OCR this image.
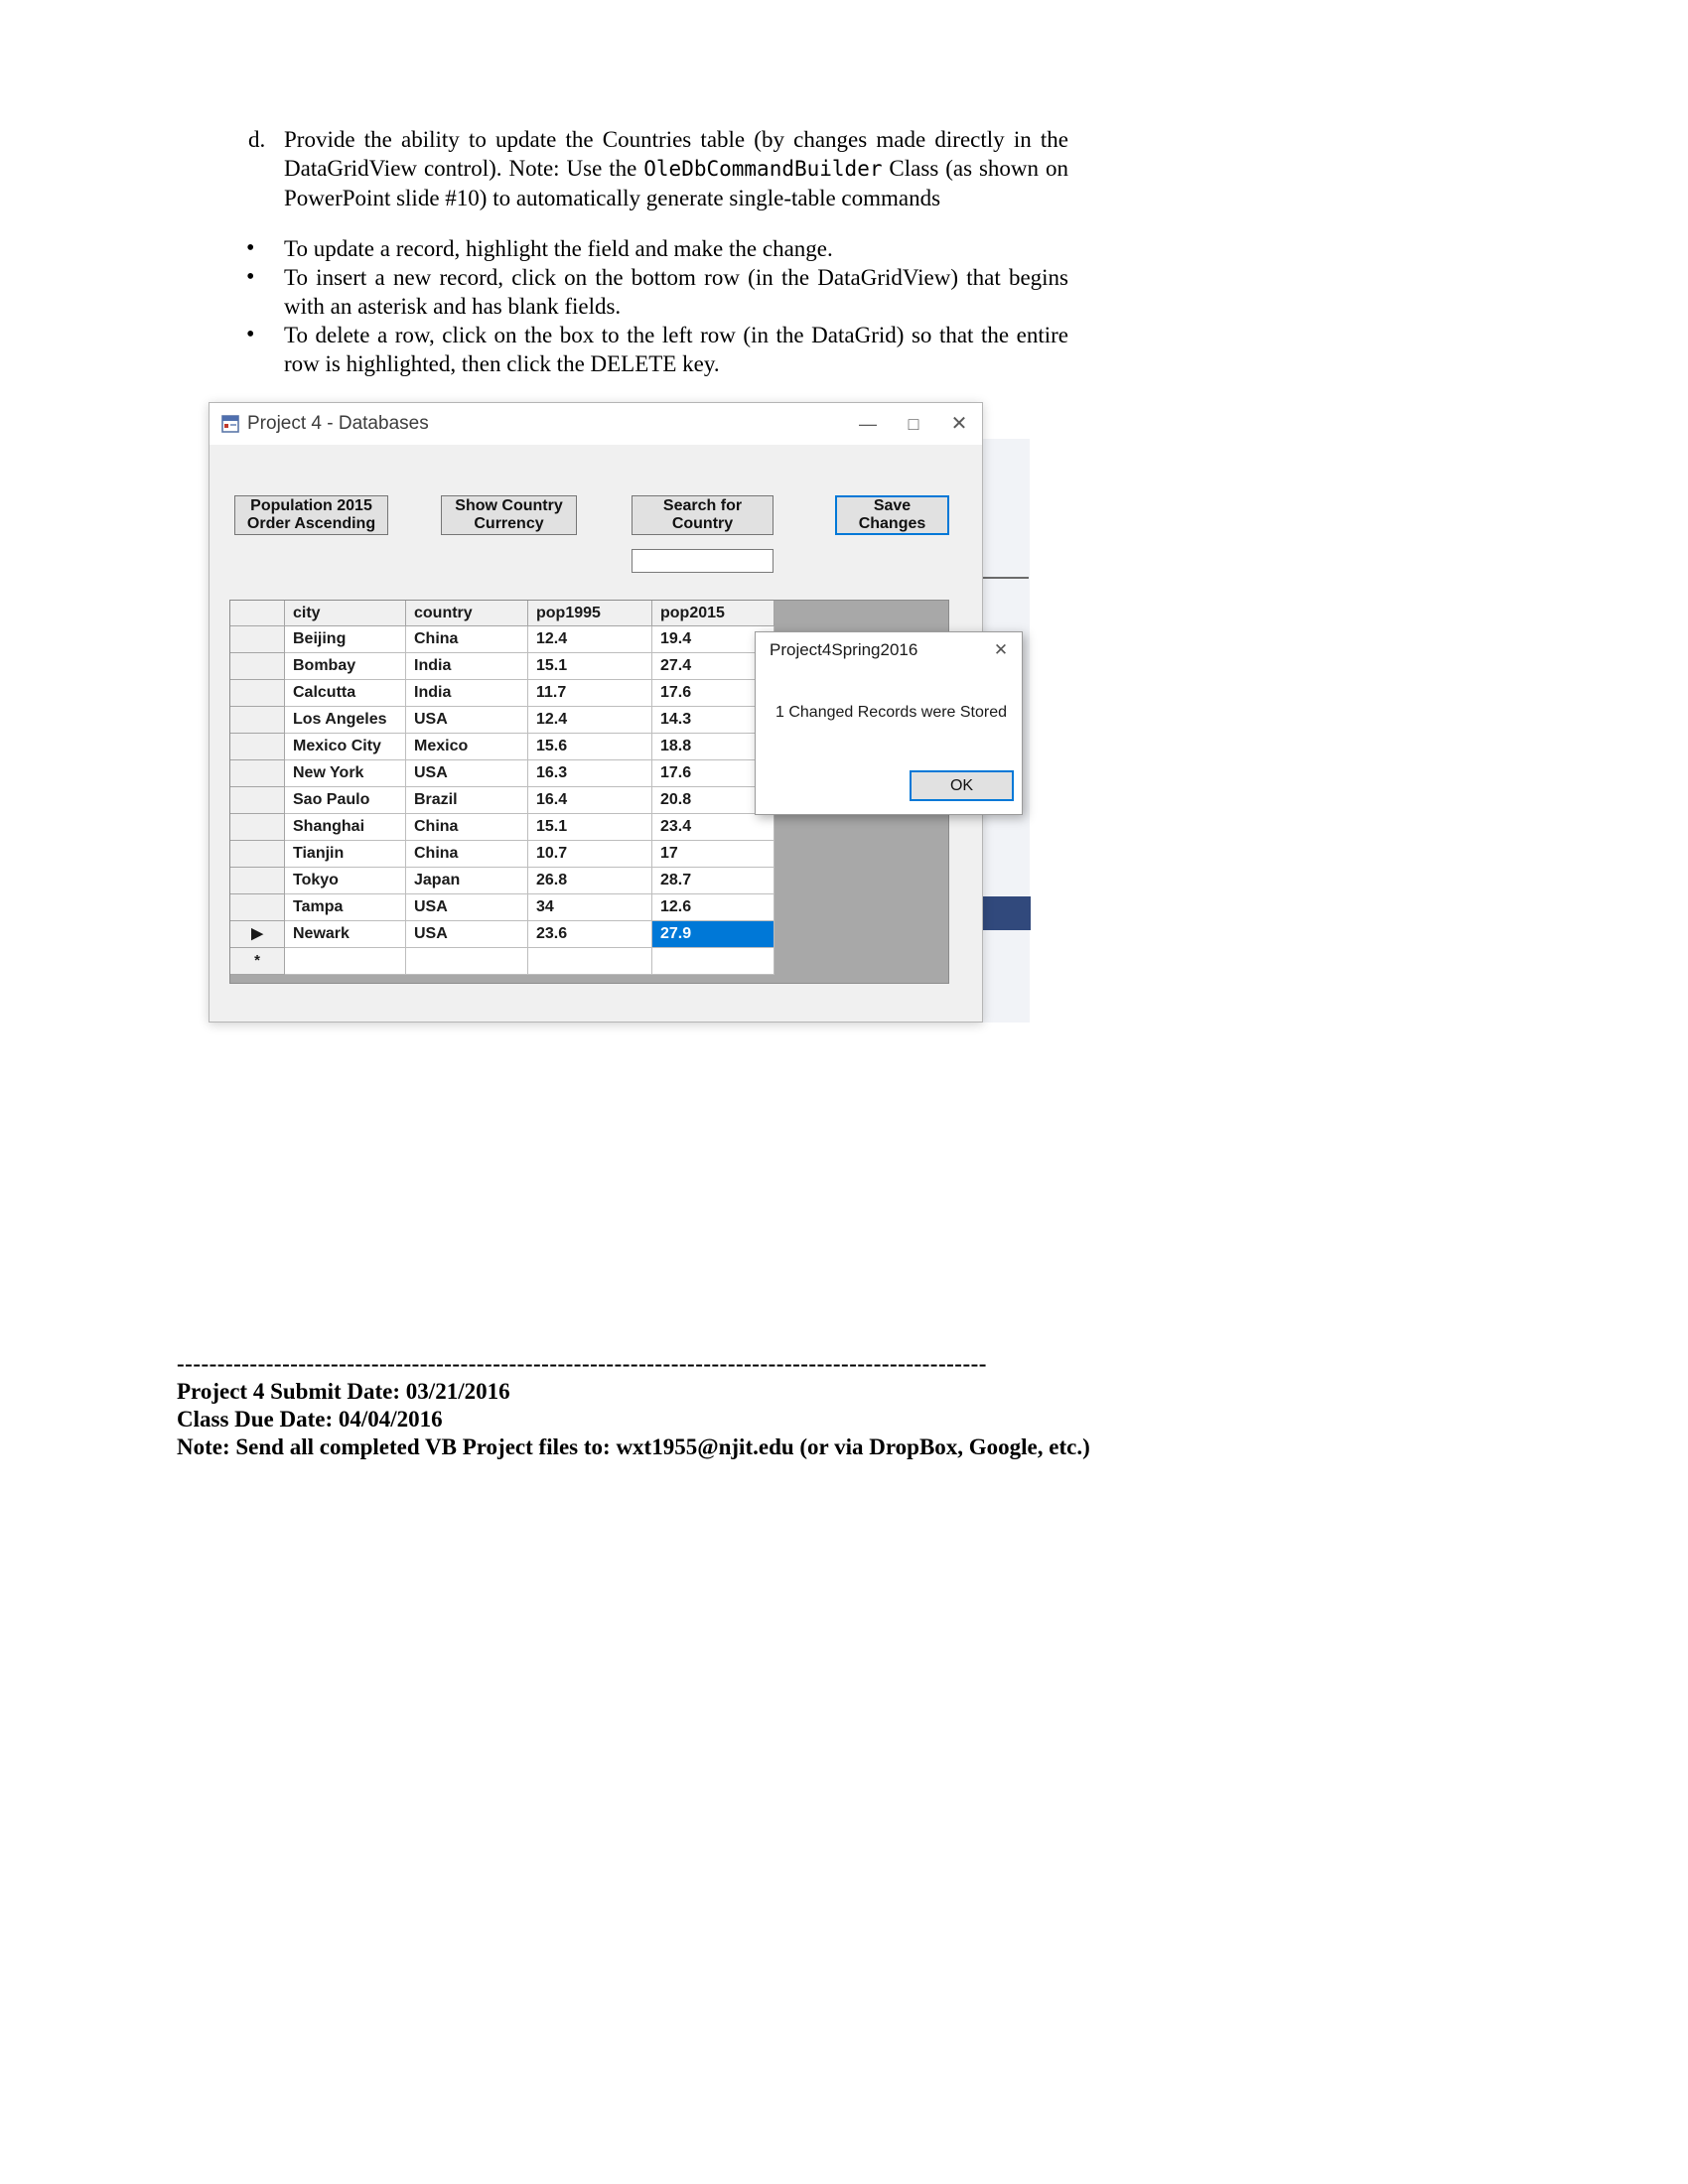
d. Provide the ability to update the Countries table (by changes made directly in the DataGridView control). Note: Use the OleDbCommandBuilder Class (as shown on PowerPoint slide #10) to automatically generate single-table commands
• To update a record, highlight the field and make the change.
• To insert a new record, click on the bottom row (in the DataGridView) that begins with an asterisk and has blank fields.
• To delete a row, click on the box to the left row (in the DataGrid) so that the entire row is highlighted, then click the DELETE key.
Project 4 - Databases	—	□	✕
Population 2015
Order Ascending
Show Country
Currency
Search for
Country
Save
Changes
city	country	pop1995	pop2015
Beijing	China	12.4	19.4
Bombay	India	15.1	27.4
Calcutta	India	11.7	17.6
Los Angeles	USA	12.4	14.3
Mexico City	Mexico	15.6	18.8
New York	USA	16.3	17.6
Sao Paulo	Brazil	16.4	20.8
Shanghai	China	15.1	23.4
Tianjin	China	10.7	17
Tokyo	Japan	26.8	28.7
Tampa	USA	34	12.6
▶	Newark	USA	23.6	27.9
*
Project4Spring2016	✕
1 Changed Records were Stored
OK
----------------------------------------------------------------------------------------------------
Project 4 Submit Date: 03/21/2016
Class Due Date: 04/04/2016
Note: Send all completed VB Project files to: wxt1955@njit.edu (or via DropBox, Google, etc.)
